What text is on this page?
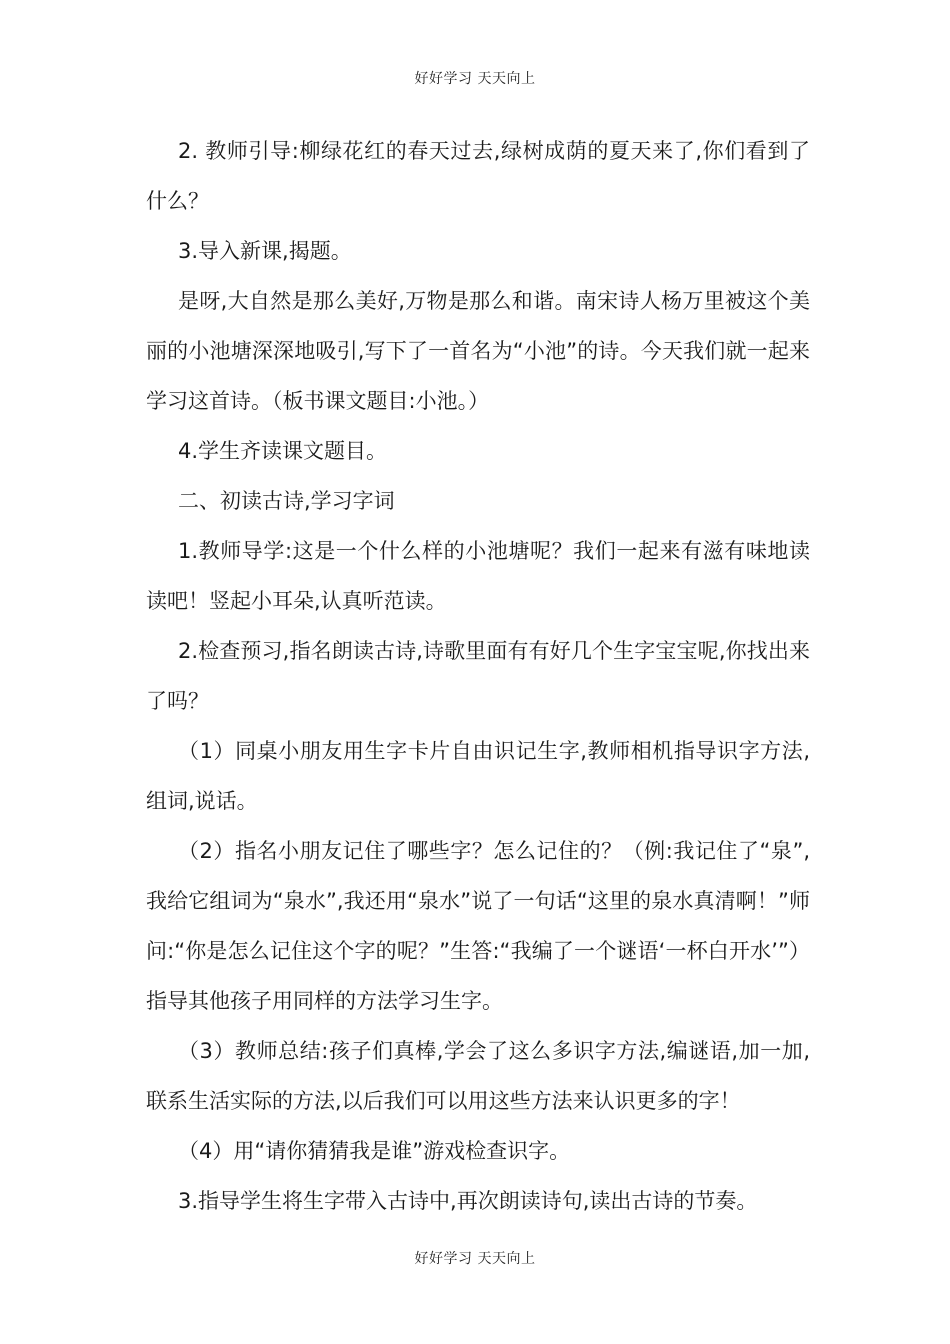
好好学习 天天向上

2. 教师引导:柳绿花红的春天过去,绿树成荫的夏天来了,你们看到了什么？

3.导入新课,揭题。

是呀,大自然是那么美好,万物是那么和谐。南宋诗人杨万里被这个美丽的小池塘深深地吸引,写下了一首名为“小池”的诗。今天我们就一起来学习这首诗。（板书课文题目:小池。）

4.学生齐读课文题目。

二、初读古诗,学习字词

1.教师导学:这是一个什么样的小池塘呢？我们一起来有滋有味地读读吧！竖起小耳朵,认真听范读。

2.检查预习,指名朗读古诗,诗歌里面有有好几个生字宝宝呢,你找出来了吗？

（1）同桌小朋友用生字卡片自由识记生字,教师相机指导识字方法,组词,说话。

（2）指名小朋友记住了哪些字？怎么记住的？（例:我记住了“泉”,我给它组词为“泉水”,我还用“泉水”说了一句话“这里的泉水真清啊！”师问:“你是怎么记住这个字的呢？”生答:“我编了一个谜语‘一杯白开水’”）指导其他孩子用同样的方法学习生字。

（3）教师总结:孩子们真棒,学会了这么多识字方法,编谜语,加一加,联系生活实际的方法,以后我们可以用这些方法来认识更多的字！

（4）用“请你猜猜我是谁”游戏检查识字。

3.指导学生将生字带入古诗中,再次朗读诗句,读出古诗的节奏。

好好学习 天天向上
